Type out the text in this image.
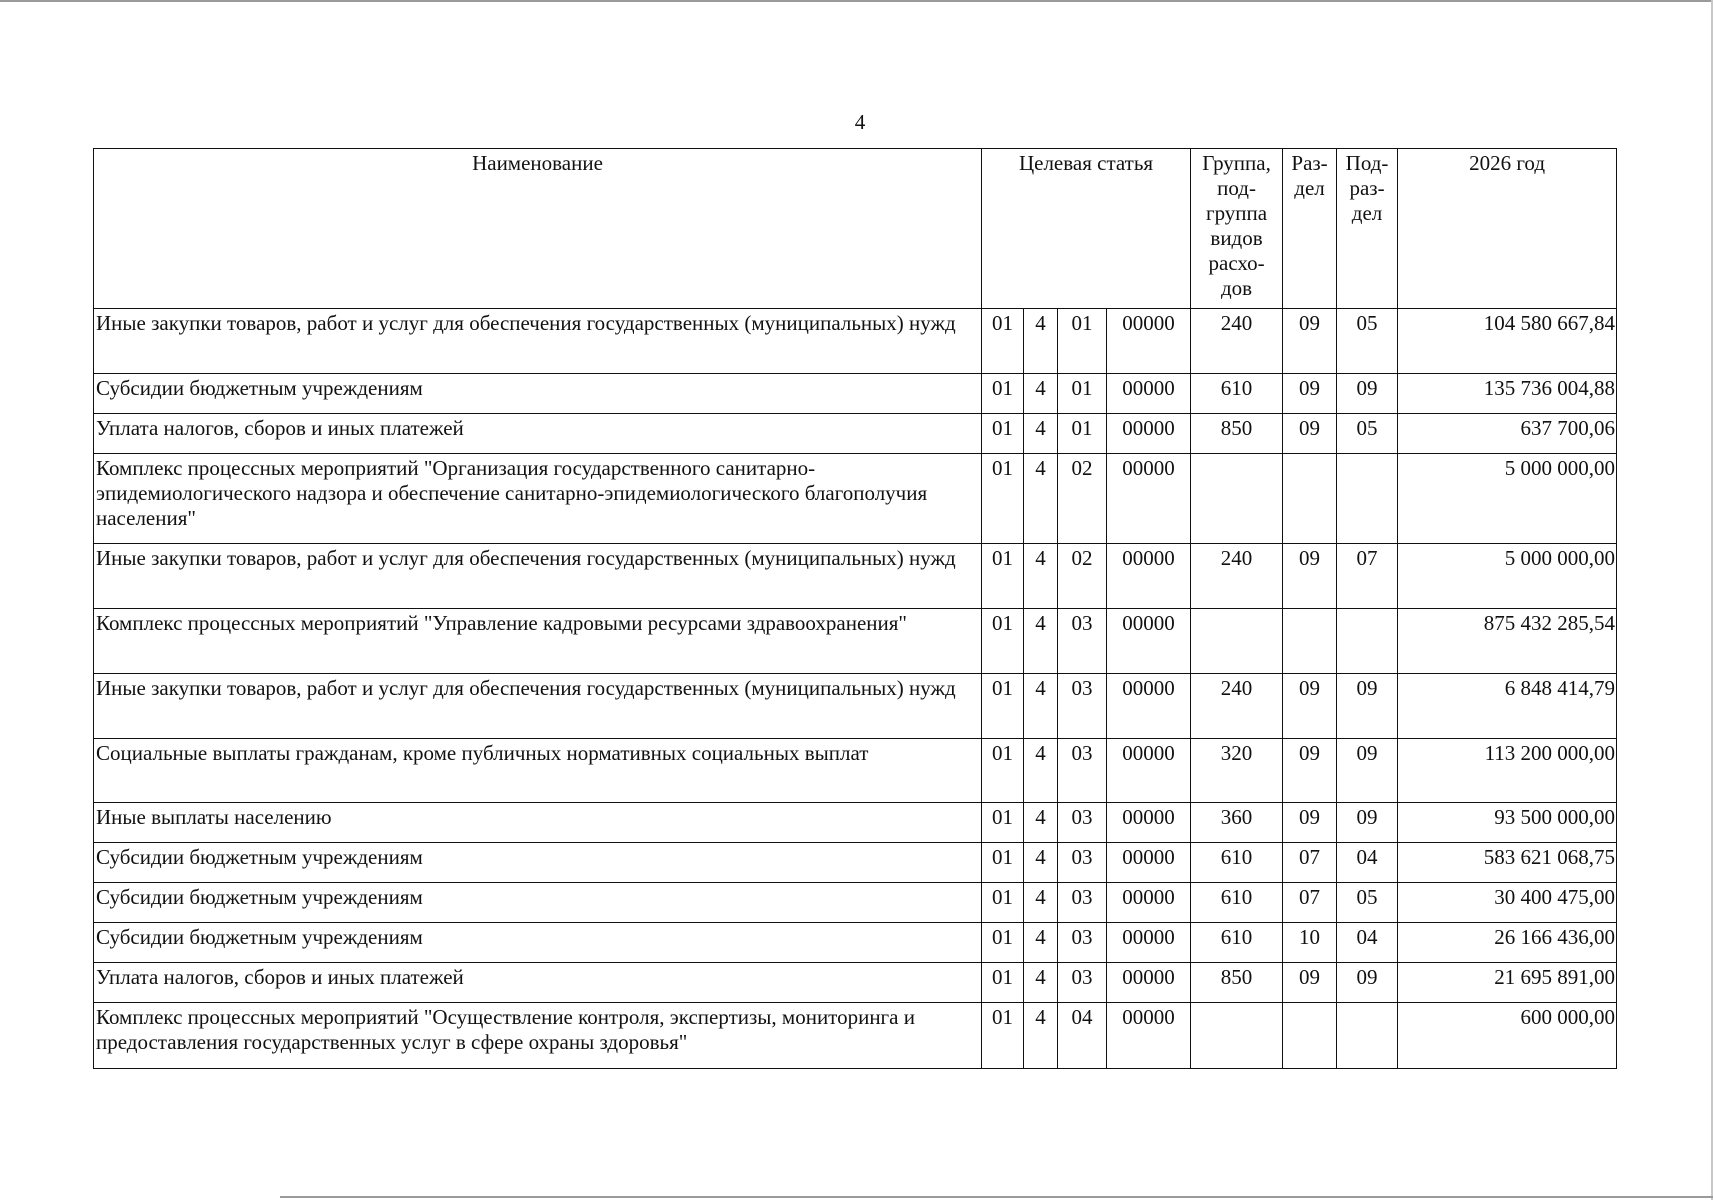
4
Наименование	Целевая статья				Группа, под- группа видов расхо- дов	Раз- дел	Под- раз- дел	2026 год
Иные закупки товаров, работ и услуг для обеспечения государственных (муниципальных) нужд	01	4	01	00000	240	09	05	104 580 667,84
Субсидии бюджетным учреждениям	01	4	01	00000	610	09	09	135 736 004,88
Уплата налогов, сборов и иных платежей	01	4	01	00000	850	09	05	637 700,06
Комплекс процессных мероприятий "Организация государственного санитарно-эпидемиологического надзора и обеспечение санитарно-эпидемиологического благополучия населения"	01	4	02	00000				5 000 000,00
Иные закупки товаров, работ и услуг для обеспечения государственных (муниципальных) нужд	01	4	02	00000	240	09	07	5 000 000,00
Комплекс процессных мероприятий "Управление кадровыми ресурсами здравоохранения"	01	4	03	00000				875 432 285,54
Иные закупки товаров, работ и услуг для обеспечения государственных (муниципальных) нужд	01	4	03	00000	240	09	09	6 848 414,79
Социальные выплаты гражданам, кроме публичных нормативных социальных выплат	01	4	03	00000	320	09	09	113 200 000,00
Иные выплаты населению	01	4	03	00000	360	09	09	93 500 000,00
Субсидии бюджетным учреждениям	01	4	03	00000	610	07	04	583 621 068,75
Субсидии бюджетным учреждениям	01	4	03	00000	610	07	05	30 400 475,00
Субсидии бюджетным учреждениям	01	4	03	00000	610	10	04	26 166 436,00
Уплата налогов, сборов и иных платежей	01	4	03	00000	850	09	09	21 695 891,00
Комплекс процессных мероприятий "Осуществление контроля, экспертизы, мониторинга и предоставления государственных услуг в сфере охраны здоровья"	01	4	04	00000				600 000,00
